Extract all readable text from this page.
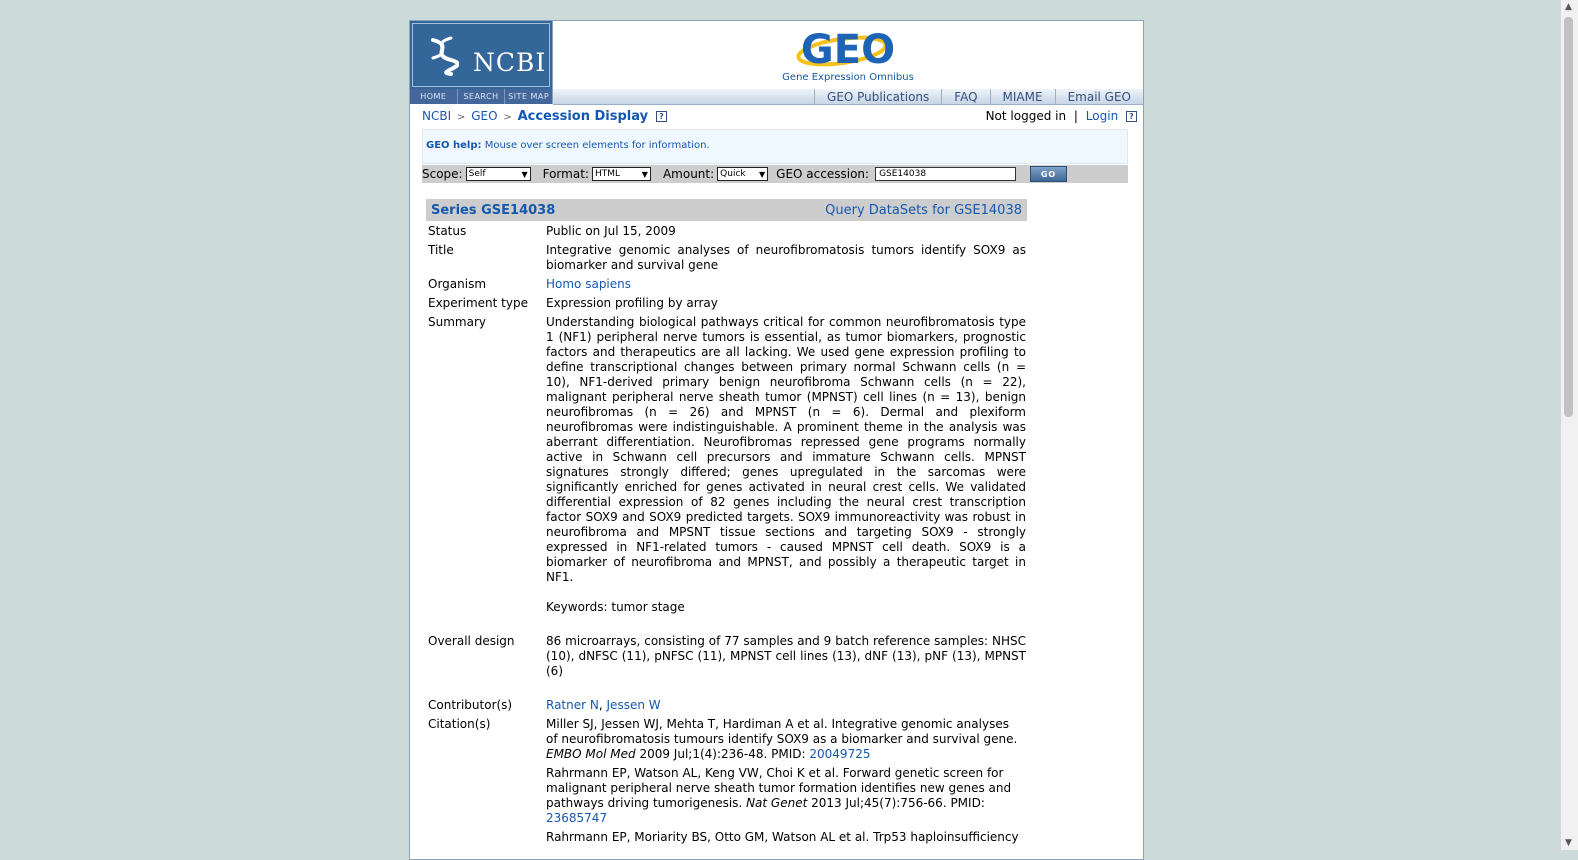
NCBI	GEO
Gene Expression Omnibus
HOME	SEARCH	SITE MAP	GEO Publications	FAQ	MIAME	Email GEO
NCBI > GEO > Accession Display ?	Not logged in | Login ?
GEO help: Mouse over screen elements for information.
Scope: Self	▼ Format: HTML	▼ Amount: Quick ▼ GEO accession:	GSE14038	GO
Series GSE14038	Query DataSets for GSE14038
Status	Public on Jul 15, 2009
Title	Integrative genomic analyses of neurofibromatosis tumors identify SOX9 as biomarker and survival gene
Organism	Homo sapiens
Experiment type	Expression profiling by array
Summary	Understanding biological pathways critical for common neurofibromatosis type 1 (NF1) peripheral nerve tumors is essential, as tumor biomarkers, prognostic factors and therapeutics are all lacking. We used gene expression profiling to define transcriptional changes between primary normal Schwann cells (n = 10), NF1-derived primary benign neurofibroma Schwann cells (n = 22), malignant peripheral nerve sheath tumor (MPNST) cell lines (n = 13), benign neurofibromas (n = 26) and MPNST (n = 6). Dermal and plexiform neurofibromas were indistinguishable. A prominent theme in the analysis was aberrant differentiation. Neurofibromas repressed gene programs normally active in Schwann cell precursors and immature Schwann cells. MPNST signatures strongly differed; genes upregulated in the sarcomas were significantly enriched for genes activated in neural crest cells. We validated differential expression of 82 genes including the neural crest transcription factor SOX9 and SOX9 predicted targets. SOX9 immunoreactivity was robust in neurofibroma and MPSNT tissue sections and targeting SOX9 - strongly expressed in NF1-related tumors - caused MPNST cell death. SOX9 is a biomarker of neurofibroma and MPNST, and possibly a therapeutic target in NF1.

Keywords: tumor stage

Overall design	86 microarrays, consisting of 77 samples and 9 batch reference samples: NHSC (10), dNFSC (11), pNFSC (11), MPNST cell lines (13), dNF (13), pNF (13), MPNST (6)

Contributor(s)	Ratner N, Jessen W
Citation(s)	Miller SJ, Jessen WJ, Mehta T, Hardiman A et al. Integrative genomic analyses of neurofibromatosis tumours identify SOX9 as a biomarker and survival gene. EMBO Mol Med 2009 Jul;1(4):236-48. PMID: 20049725
Rahrmann EP, Watson AL, Keng VW, Choi K et al. Forward genetic screen for malignant peripheral nerve sheath tumor formation identifies new genes and pathways driving tumorigenesis. Nat Genet 2013 Jul;45(7):756-66. PMID: 23685747
Rahrmann EP, Moriarity BS, Otto GM, Watson AL et al. Trp53 haploinsufficiency
▲
▼
